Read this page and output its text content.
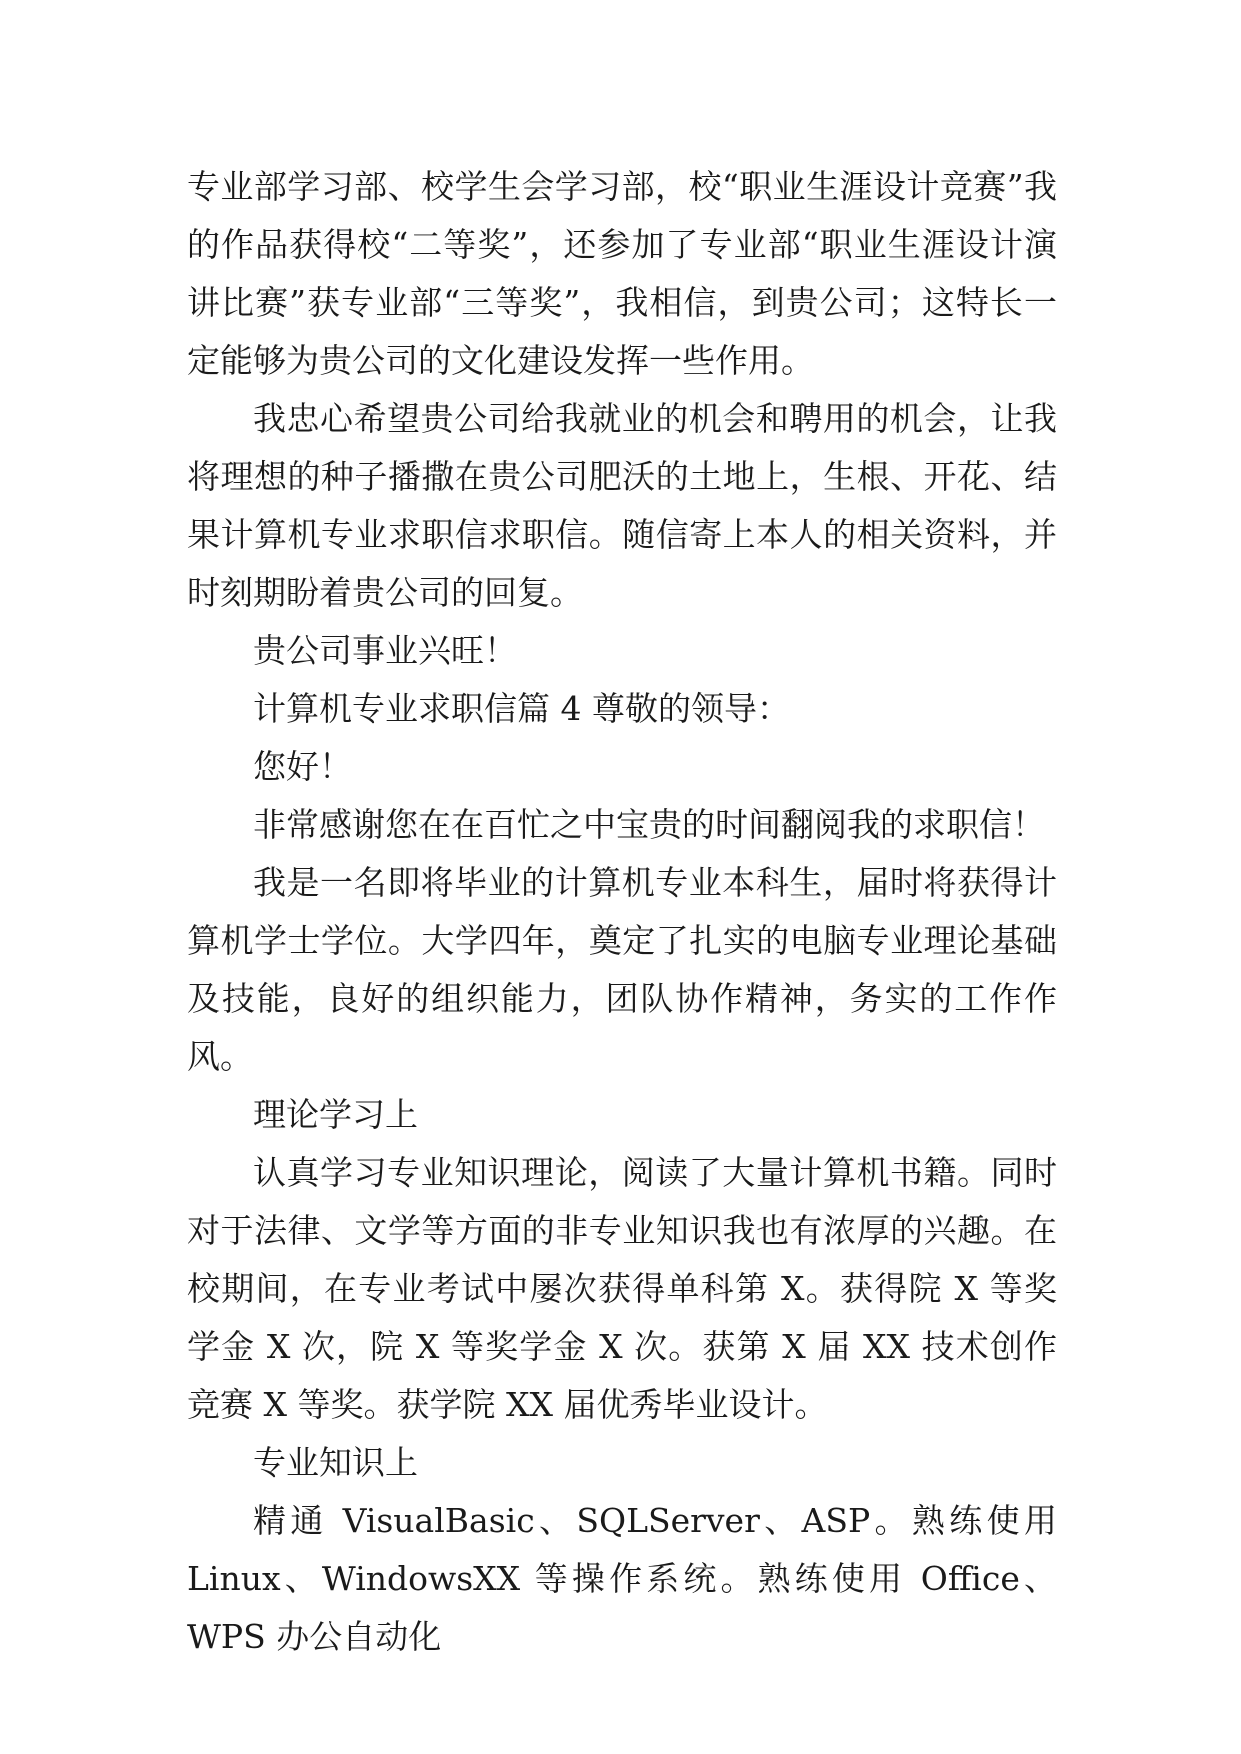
专业部学习部、校学生会学习部，校“职业生涯设计竞赛”我的作品获得校“二等奖”，还参加了专业部“职业生涯设计演讲比赛”获专业部“三等奖”，我相信，到贵公司；这特长一定能够为贵公司的文化建设发挥一些作用。

我忠心希望贵公司给我就业的机会和聘用的机会，让我将理想的种子播撒在贵公司肥沃的土地上，生根、开花、结果计算机专业求职信求职信。随信寄上本人的相关资料，并时刻期盼着贵公司的回复。

贵公司事业兴旺！

计算机专业求职信篇 4 尊敬的领导：

您好！

非常感谢您在在百忙之中宝贵的时间翻阅我的求职信！

我是一名即将毕业的计算机专业本科生，届时将获得计算机学士学位。大学四年，奠定了扎实的电脑专业理论基础及技能，良好的组织能力，团队协作精神，务实的工作作风。

理论学习上

认真学习专业知识理论，阅读了大量计算机书籍。同时对于法律、文学等方面的非专业知识我也有浓厚的兴趣。在校期间，在专业考试中屡次获得单科第 X。获得院 X 等奖学金 X 次，院 X 等奖学金 X 次。获第 X 届 XX 技术创作竞赛 X 等奖。获学院 XX 届优秀毕业设计。

专业知识上

精通 VisualBasic、SQLServer、ASP。熟练使用 Linux、WindowsXX 等操作系统。熟练使用 Office、WPS 办公自动化
